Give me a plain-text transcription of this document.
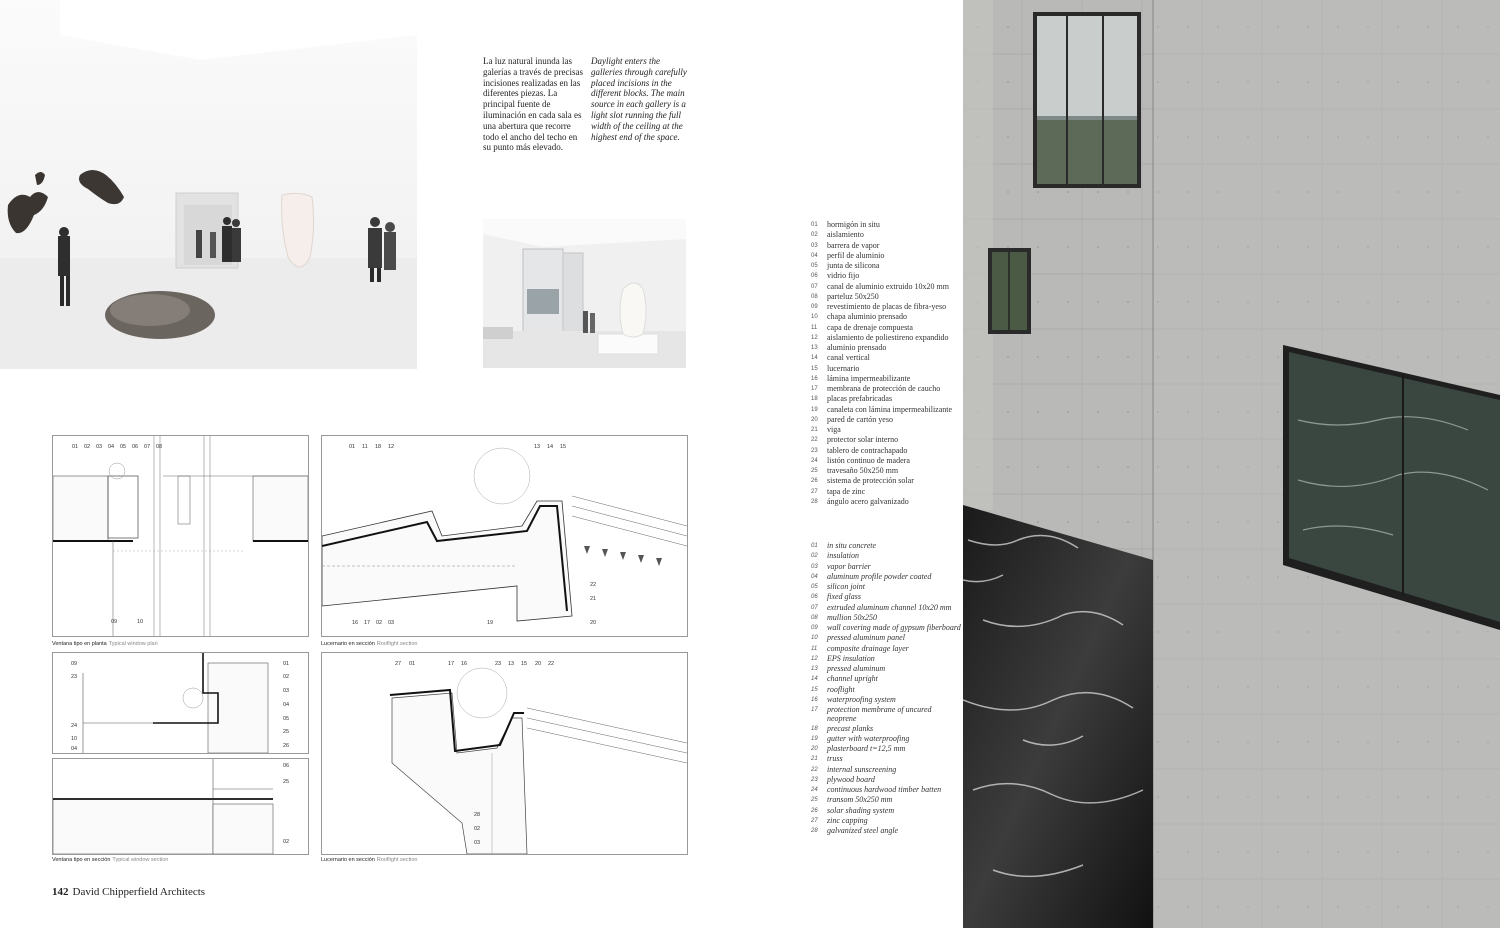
La luz natural inunda las galerías a través de precisas incisiones realizadas en las diferentes piezas. La principal fuente de iluminación en cada sala es una abertura que recorre todo el ancho del techo en su punto más elevado.
Daylight enters the galleries through carefully placed incisions in the different blocks. The main source in each gallery is a light slot running the full width of the ceiling at the highest end of the space.
01 02 03 04 05 06 07 08
09	10
Ventana tipo en planta Typical window plan
01 11 18 12	13 14 15
16 17 02 03	19
22
21
20
Lucernario en sección Rooflight section
09
23
24
10
04
01
02
03
04
05
25
26
06
25
02
Ventana tipo en sección Typical window section
27 01	17 16	23 13 15 20 22
28
02
03
Lucernario en sección Rooflight section
01	hormigón in situ
02	aislamiento
03	barrera de vapor
04	perfil de aluminio
05	junta de silicona
06	vidrio fijo
07	canal de aluminio extruido 10x20 mm
08	parteluz 50x250
09	revestimiento de placas de fibra-yeso
10	chapa aluminio prensado
11	capa de drenaje compuesta
12	aislamiento de poliestireno expandido
13	aluminio prensado
14	canal vertical
15	lucernario
16	lámina impermeabilizante
17	membrana de protección de caucho
18	placas prefabricadas
19	canaleta con lámina impermeabilizante
20	pared de cartón yeso
21	viga
22	protector solar interno
23	tablero de contrachapado
24	listón continuo de madera
25	travesaño 50x250 mm
26	sistema de protección solar
27	tapa de zinc
28	ángulo acero galvanizado
01	in situ concrete
02	insulation
03	vapor barrier
04	aluminum profile powder coated
05	silicon joint
06	fixed glass
07	extruded aluminum channel 10x20 mm
08	mullion 50x250
09	wall covering made of gypsum fiberboard
10	pressed aluminum panel
11	composite drainage layer
12	EPS insulation
13	pressed aluminum
14	channel upright
15	rooflight
16	waterproofing system
17	protection membrane of uncured neoprene
18	precast planks
19	gutter with waterproofing
20	plasterboard t=12,5 mm
21	truss
22	internal sunscreening
23	plywood board
24	continuous hardwood timber batten
25	transom 50x250 mm
26	solar shading system
27	zinc capping
28	galvanized steel angle
142 David Chipperfield Architects
